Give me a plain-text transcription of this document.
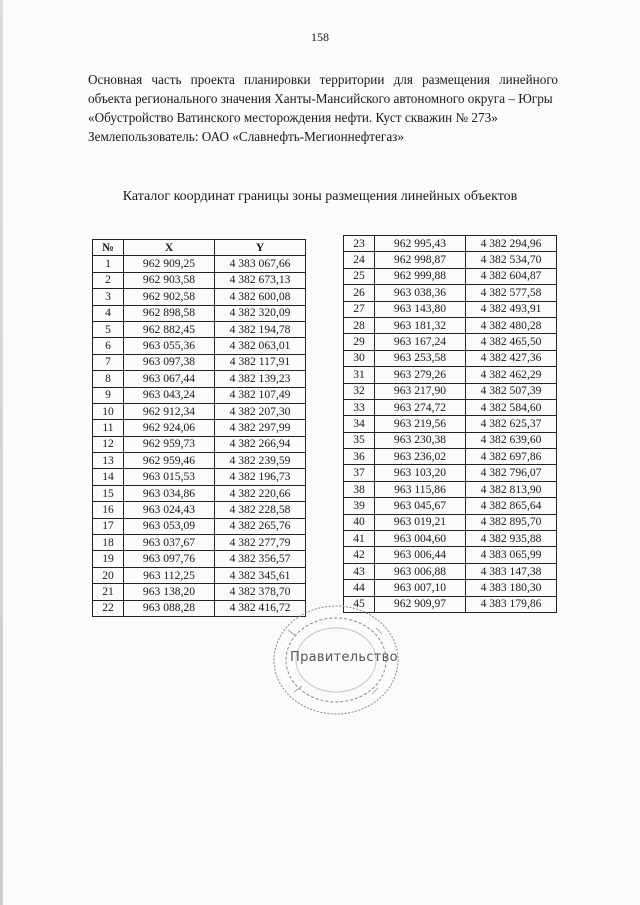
158
Основная часть проекта планировки территории для размещения линейного
объекта регионального значения Ханты-Мансийского автономного округа – Югры
«Обустройство Ватинского месторождения нефти. Куст скважин № 273»
Землепользователь: ОАО «Славнефть-Мегионнефтегаз»
Каталог координат границы зоны размещения линейных объектов
№	X	Y
1	962 909,25	4 383 067,66
2	962 903,58	4 382 673,13
3	962 902,58	4 382 600,08
4	962 898,58	4 382 320,09
5	962 882,45	4 382 194,78
6	963 055,36	4 382 063,01
7	963 097,38	4 382 117,91
8	963 067,44	4 382 139,23
9	963 043,24	4 382 107,49
10	962 912,34	4 382 207,30
11	962 924,06	4 382 297,99
12	962 959,73	4 382 266,94
13	962 959,46	4 382 239,59
14	963 015,53	4 382 196,73
15	963 034,86	4 382 220,66
16	963 024,43	4 382 228,58
17	963 053,09	4 382 265,76
18	963 037,67	4 382 277,79
19	963 097,76	4 382 356,57
20	963 112,25	4 382 345,61
21	963 138,20	4 382 378,70
22	963 088,28	4 382 416,72
23	962 995,43	4 382 294,96
24	962 998,87	4 382 534,70
25	962 999,88	4 382 604,87
26	963 038,36	4 382 577,58
27	963 143,80	4 382 493,91
28	963 181,32	4 382 480,28
29	963 167,24	4 382 465,50
30	963 253,58	4 382 427,36
31	963 279,26	4 382 462,29
32	963 217,90	4 382 507,39
33	963 274,72	4 382 584,60
34	963 219,56	4 382 625,37
35	963 230,38	4 382 639,60
36	963 236,02	4 382 697,86
37	963 103,20	4 382 796,07
38	963 115,86	4 382 813,90
39	963 045,67	4 382 865,64
40	963 019,21	4 382 895,70
41	963 004,60	4 382 935,88
42	963 006,44	4 383 065,99
43	963 006,88	4 383 147,38
44	963 007,10	4 383 180,30
45	962 909,97	4 383 179,86
Правительство
